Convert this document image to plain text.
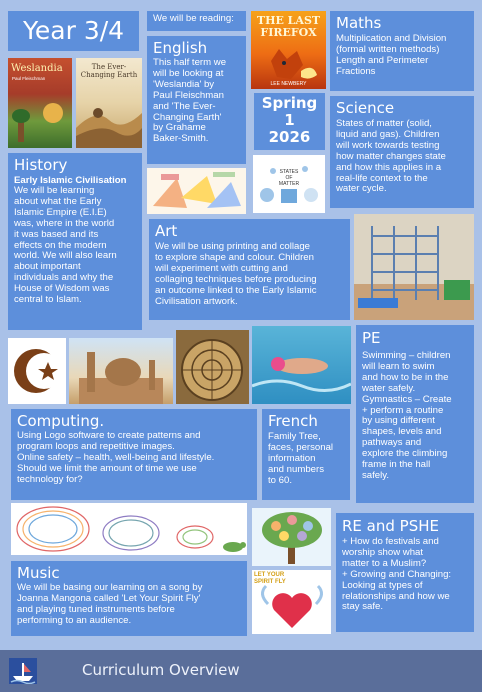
Year 3/4	We will be reading:

Weslandia
Paul Fleischman
The Ever-Changing Earth
English

This half term we

will be looking at

'Weslandia' by

Paul Fleischman

and 'The Ever-

Changing Earth'

by Grahame

Baker-Smith.

THE LAST FIREFOX
LEE NEWBERY
Maths

Multiplication and Division

(formal written methods)

Length and Perimeter

Fractions

Spring

1

2026

Science

States of matter (solid,

liquid and gas). Children

will work towards testing

how matter changes state

and how this applies in a

real-life context to the

water cycle.

STATES OF MATTER
History

Early Islamic Civilisation

We will be learning

about what the Early

Islamic Empire (E.I.E)

was, where in the world

it was based and its

effects on the modern

world. We will also learn

about important

individuals and why the

House of Wisdom was

central to Islam.

Art

We will be using printing and collage

to explore shape and colour. Children

will experiment with cutting and

collaging techniques before producing

an outcome linked to the Early Islamic

Civilisation artwork.

PE

Swimming – children

will learn to swim

and how to be in the

water safely.

Gymnastics – Create

+ perform a routine

by using different

shapes, levels and

pathways and

explore the climbing

frame in the hall

safely.

Computing.

Using Logo software to create patterns and

program loops and repetitive images.

Online safety – health, well-being and lifestyle.

Should we limit the amount of time we use

technology for?

French

Family Tree,

faces, personal

information

and numbers

to 60.

LET YOUR SPIRIT FLY
RE and PSHE

+ How do festivals and

worship show what

matter to a Muslim?

+ Growing and Changing:

Looking at types of

relationships and how we

stay safe.

Music

We will be basing our learning on a song by

Joanna Mangona called 'Let Your Spirit Fly'

and playing tuned instruments before

performing to an audience.

Curriculum Overview
